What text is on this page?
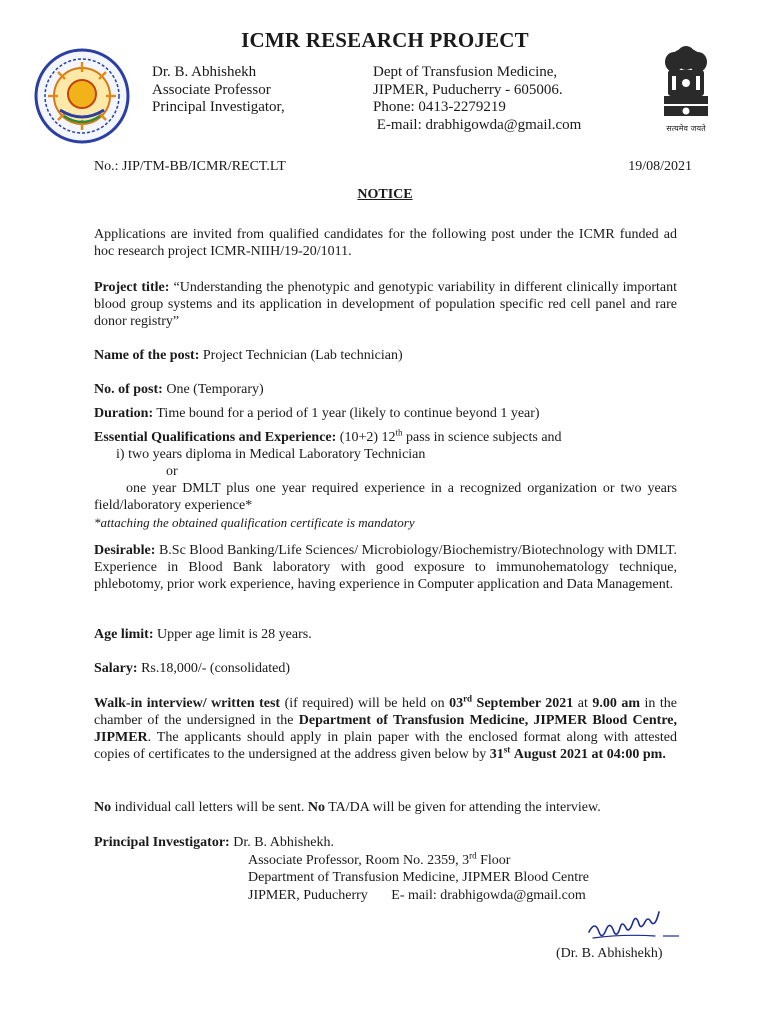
ICMR RESEARCH PROJECT
Dr. B. Abhishekh
Associate Professor
Principal Investigator,
Dept of Transfusion Medicine,
JIPMER, Puducherry - 605006.
Phone: 0413-2279219
E-mail: drabhigowda@gmail.com	सत्यमेव जयते
No.: JIP/TM-BB/ICMR/RECT.LT	19/08/2021
NOTICE
Applications are invited from qualified candidates for the following post under the ICMR funded ad hoc research project ICMR-NIIH/19-20/1011.
Project title: “Understanding the phenotypic and genotypic variability in different clinically important blood group systems and its application in development of population specific red cell panel and rare donor registry”
Name of the post: Project Technician (Lab technician)
No. of post: One (Temporary)
Duration: Time bound for a period of 1 year (likely to continue beyond 1 year)
Essential Qualifications and Experience: (10+2) 12th pass in science subjects and
i) two years diploma in Medical Laboratory Technician
or
one year DMLT plus one year required experience in a recognized organization or two years field/laboratory experience*
*attaching the obtained qualification certificate is mandatory
Desirable: B.Sc Blood Banking/Life Sciences/ Microbiology/Biochemistry/Biotechnology with DMLT. Experience in Blood Bank laboratory with good exposure to immunohematology technique, phlebotomy, prior work experience, having experience in Computer application and Data Management.
Age limit: Upper age limit is 28 years.
Salary: Rs.18,000/- (consolidated)
Walk-in interview/ written test (if required) will be held on 03rd September 2021 at 9.00 am in the chamber of the undersigned in the Department of Transfusion Medicine, JIPMER Blood Centre, JIPMER. The applicants should apply in plain paper with the enclosed format along with attested copies of certificates to the undersigned at the address given below by 31st August 2021 at 04:00 pm.
No individual call letters will be sent. No TA/DA will be given for attending the interview.
Principal Investigator: Dr. B. Abhishekh.
Associate Professor, Room No. 2359, 3rd Floor
Department of Transfusion Medicine, JIPMER Blood Centre
JIPMER, Puducherry E- mail: drabhigowda@gmail.com
(Dr. B. Abhishekh)
